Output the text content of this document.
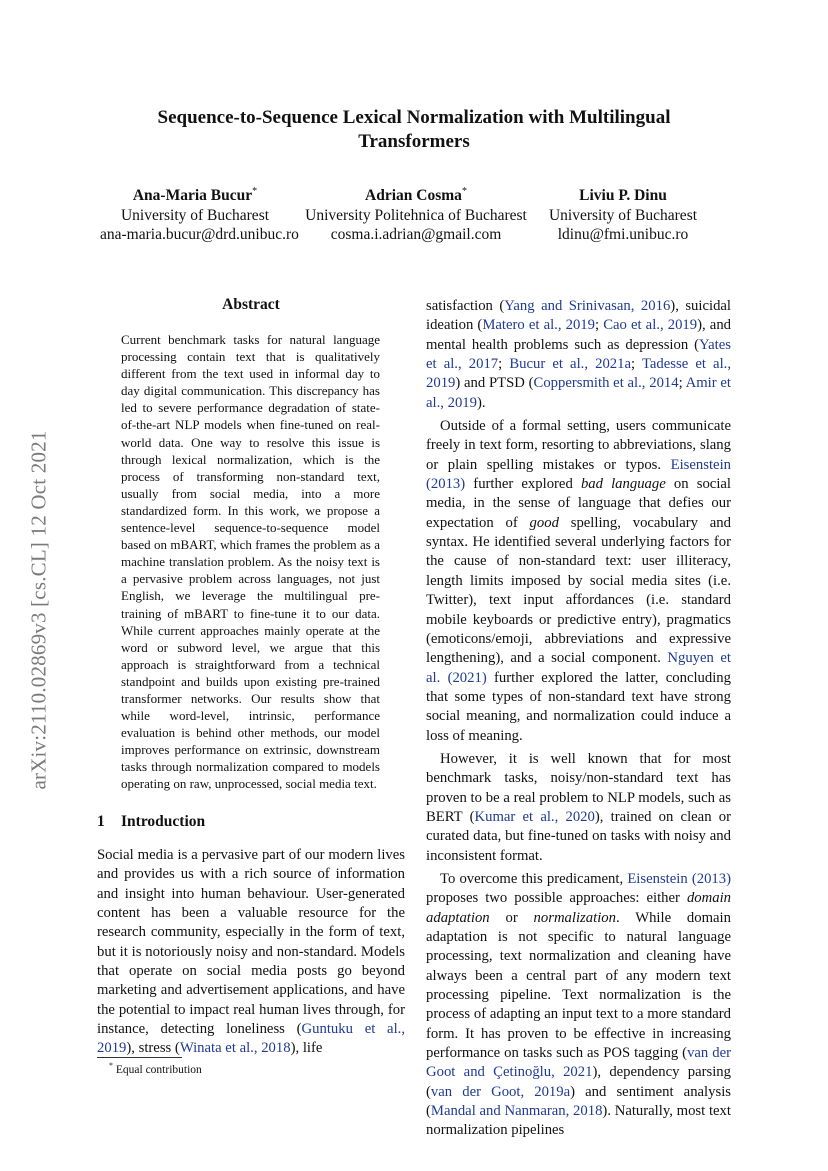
arXiv:2110.02869v3 [cs.CL] 12 Oct 2021
Sequence-to-Sequence Lexical Normalization with Multilingual
Transformers
Ana-Maria Bucur*
University of Bucharest
ana-maria.bucur@drd.unibuc.ro
Adrian Cosma*
University Politehnica of Bucharest
cosma.i.adrian@gmail.com
Liviu P. Dinu
University of Bucharest
ldinu@fmi.unibuc.ro
Abstract
Current benchmark tasks for natural language processing contain text that is qualitatively different from the text used in informal day to day digital communication. This discrepancy has led to severe performance degradation of state-of-the-art NLP models when fine-tuned on real-world data. One way to resolve this issue is through lexical normalization, which is the process of transforming non-standard text, usually from social media, into a more standardized form. In this work, we propose a sentence-level sequence-to-sequence model based on mBART, which frames the problem as a machine translation problem. As the noisy text is a pervasive problem across languages, not just English, we leverage the multilingual pre-training of mBART to fine-tune it to our data. While current approaches mainly operate at the word or subword level, we argue that this approach is straightforward from a technical standpoint and builds upon existing pre-trained transformer networks. Our results show that while word-level, intrinsic, performance evaluation is behind other methods, our model improves performance on extrinsic, downstream tasks through normalization compared to models operating on raw, unprocessed, social media text.
1 Introduction

Social media is a pervasive part of our modern lives and provides us with a rich source of information and insight into human behaviour. User-generated content has been a valuable resource for the research community, especially in the form of text, but it is notoriously noisy and non-standard. Models that operate on social media posts go beyond marketing and advertisement applications, and have the potential to impact real human lives through, for instance, detecting loneliness (Guntuku et al., 2019), stress (Winata et al., 2018), life

* Equal contribution

satisfaction (Yang and Srinivasan, 2016), suicidal ideation (Matero et al., 2019; Cao et al., 2019), and mental health problems such as depression (Yates et al., 2017; Bucur et al., 2021a; Tadesse et al., 2019) and PTSD (Coppersmith et al., 2014; Amir et al., 2019).

Outside of a formal setting, users communicate freely in text form, resorting to abbreviations, slang or plain spelling mistakes or typos. Eisenstein (2013) further explored bad language on social media, in the sense of language that defies our expectation of good spelling, vocabulary and syntax. He identified several underlying factors for the cause of non-standard text: user illiteracy, length limits imposed by social media sites (i.e. Twitter), text input affordances (i.e. standard mobile keyboards or predictive entry), pragmatics (emoticons/emoji, abbreviations and expressive lengthening), and a social component. Nguyen et al. (2021) further explored the latter, concluding that some types of non-standard text have strong social meaning, and normalization could induce a loss of meaning.

However, it is well known that for most benchmark tasks, noisy/non-standard text has proven to be a real problem to NLP models, such as BERT (Kumar et al., 2020), trained on clean or curated data, but fine-tuned on tasks with noisy and inconsistent format.

To overcome this predicament, Eisenstein (2013) proposes two possible approaches: either domain adaptation or normalization. While domain adaptation is not specific to natural language processing, text normalization and cleaning have always been a central part of any modern text processing pipeline. Text normalization is the process of adapting an input text to a more standard form. It has proven to be effective in increasing performance on tasks such as POS tagging (van der Goot and Çetinoğlu, 2021), dependency parsing (van der Goot, 2019a) and sentiment analysis (Mandal and Nanmaran, 2018). Naturally, most text normalization pipelines
